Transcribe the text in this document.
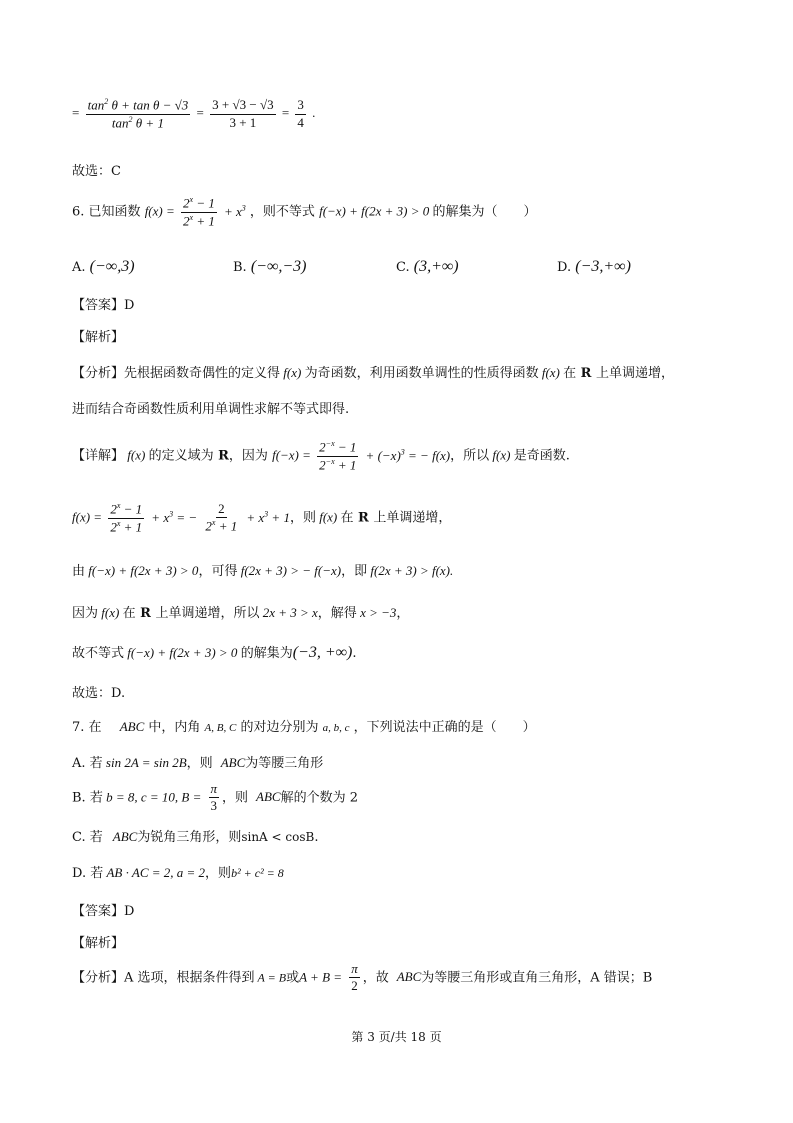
= $\frac{\tan^2 \theta + \tan \theta - √3}{\tan^2 \theta + 1} = \frac{3 + √3 - √3}{3 + 1} = \frac{3}{4}$ .
故选：C
6. 已知函数 $f(x) = \frac{2^x - 1}{2^x + 1} + x^3$ ，则不等式 f(−x) + f(2x + 3) > 0 的解集为（　　）
A. (−∞,3)	B. (−∞,−3)	C. (3,+∞)	D. (−3,+∞)
【答案】D
【解析】
【分析】先根据函数奇偶性的定义得 f(x) 为奇函数，利用函数单调性的性质得函数 f(x) 在 R 上单调递增，
进而结合奇函数性质利用单调性求解不等式即得.
【详解】 f(x) 的定义域为 R，因为 $f(-x) = \frac{2^{-x} - 1}{2^{-x} + 1} + (-x)^3$ = − f(x)，所以 f(x) 是奇函数.
$f(x) = \frac{2^x - 1}{2^x + 1} + x^3$ = − $\frac{2}{2^x + 1} + x^3 + 1$，则 f(x) 在 R 上单调递增，
由 f(−x) + f(2x + 3) > 0，可得 f(2x + 3) > − f(−x)，即 f(2x + 3) > f(x).
因为 f(x) 在 R 上单调递增，所以 2x + 3 > x，解得 x > −3，
故不等式 f(−x) + f(2x + 3) > 0 的解集为(−3, +∞).
故选：D.
7. 在 ABC 中，内角 A, B, C 的对边分别为 a, b, c ，下列说法中正确的是（　　）
A. 若 sin 2A = sin 2B，则 ABC为等腰三角形
B. 若 b = 8, c = 10, $B = \frac{\pi}{3}$ ，则 ABC解的个数为 2
C. 若 ABC为锐角三角形，则sinA < cosB.
D. 若 AB · AC = 2, a = 2，则b² + c² = 8
【答案】D
【解析】
【分析】A 选项，根据条件得到 A = B或$A + B = \frac{\pi}{2}$ ，故 ABC为等腰三角形或直角三角形，A 错误；B
第 3 页/共 18 页
